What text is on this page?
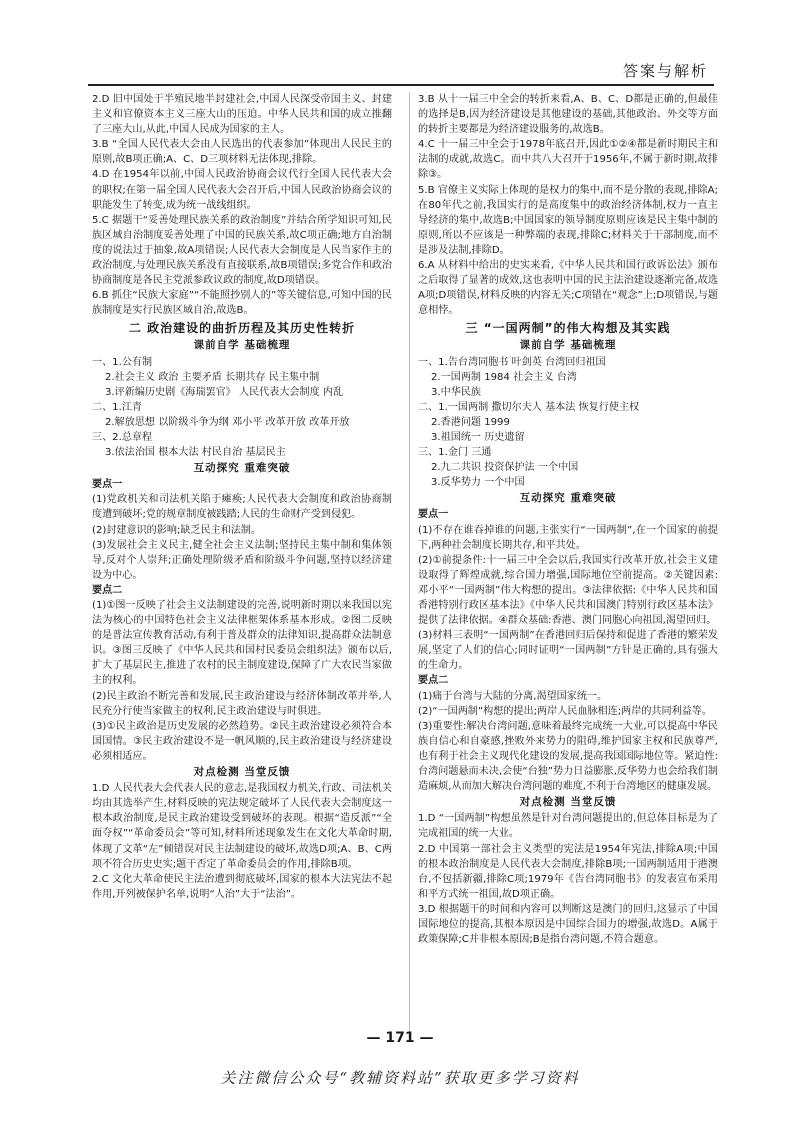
答案与解析

2.D 旧中国处于半殖民地半封建社会,中国人民深受帝国主义、封建主义和官僚资本主义三座大山的压迫。中华人民共和国的成立推翻了三座大山,从此,中国人民成为国家的主人。

3.B “全国人民代表大会由人民选出的代表参加”体现出人民民主的原则,故B项正确;A、C、D三项材料无法体现,排除。

4.D 在1954年以前,中国人民政治协商会议代行全国人民代表大会的职权;在第一届全国人民代表大会召开后,中国人民政治协商会议的职能发生了转变,成为统一战线组织。

5.C 据题干“妥善处理民族关系的政治制度”并结合所学知识可知,民族区域自治制度妥善处理了中国的民族关系,故C项正确;地方自治制度的说法过于抽象,故A项错误;人民代表大会制度是人民当家作主的政治制度,与处理民族关系没有直接联系,故B项错误;多党合作和政治协商制度是各民主党派参政议政的制度,故D项错误。

6.B 抓住“民族大家庭”“不能照抄别人的”等关键信息,可知中国的民族制度是实行民族区域自治,故选B。

二 政治建设的曲折历程及其历史性转折
课前自学 基础梳理

一、1.公有制

2.社会主义 政治 主要矛盾 长期共存 民主集中制

3.评新编历史剧《海瑞罢官》 人民代表大会制度 内乱

二、1.江青

2.解放思想 以阶级斗争为纲 邓小平 改革开放 改革开放

三、2.总章程

3.依法治国 根本大法 村民自治 基层民主

互动探究 重难突破

要点一

(1)党政机关和司法机关陷于瘫痪;人民代表大会制度和政治协商制度遭到破坏;党的规章制度被践踏;人民的生命财产受到侵犯。

(2)封建意识的影响;缺乏民主和法制。

(3)发展社会主义民主,健全社会主义法制;坚持民主集中制和集体领导,反对个人崇拜;正确处理阶级矛盾和阶级斗争问题,坚持以经济建设为中心。

要点二

(1)①图一反映了社会主义法制建设的完善,说明新时期以来我国以宪法为核心的中国特色社会主义法律框架体系基本形成。②图二反映的是普法宣传教育活动,有利于普及群众的法律知识,提高群众法制意识。③图三反映了《中华人民共和国村民委员会组织法》颁布以后,扩大了基层民主,推进了农村的民主制度建设,保障了广大农民当家做主的权利。

(2)民主政治不断完善和发展,民主政治建设与经济体制改革并举,人民充分行使当家做主的权利,民主政治建设与时俱进。

(3)①民主政治是历史发展的必然趋势。②民主政治建设必须符合本国国情。③民主政治建设不是一帆风顺的,民主政治建设与经济建设必须相适应。

对点检测 当堂反馈

1.D 人民代表大会代表人民的意志,是我国权力机关,行政、司法机关均由其选举产生,材料反映的宪法规定破坏了人民代表大会制度这一根本政治制度,是民主政治建设受到破坏的表现。根据“造反派”“全面夺权”“革命委员会”等可知,材料所述现象发生在文化大革命时期,体现了文革“左”倾错误对民主法制建设的破坏,故选D项;A、B、C两项不符合历史史实;题干否定了革命委员会的作用,排除B项。

2.C 文化大革命使民主法治遭到彻底破坏,国家的根本大法宪法不起作用,开列被保护名单,说明“人治”大于“法治”。

3.B 从十一届三中全会的转折来看,A、B、C、D都是正确的,但最佳的选择是B,因为经济建设是其他建设的基础,其他政治、外交等方面的转折主要都是为经济建设服务的,故选B。

4.C 十一届三中全会于1978年底召开,因此①②④都是新时期民主和法制的成就,故选C。而中共八大召开于1956年,不属于新时期,故排除③。

5.B 官僚主义实际上体现的是权力的集中,而不是分散的表现,排除A;在80年代之前,我国实行的是高度集中的政治经济体制,权力一直主导经济的集中,故选B;中国国家的领导制度原则应该是民主集中制的原则,所以不应该是一种弊端的表现,排除C;材料关于干部制度,而不是涉及法制,排除D。

6.A 从材料中给出的史实来看,《中华人民共和国行政诉讼法》颁布之后取得了显著的成效,这也表明中国的民主法治建设逐渐完备,故选A项;D项错误,材料反映的内容无关;C项错在“观念”上;D项错误,与题意相悖。

三 “一国两制”的伟大构想及其实践
课前自学 基础梳理

一、1.告台湾同胞书 叶剑英 台湾回归祖国

2.一国两制 1984 社会主义 台湾

3.中华民族

二、1.一国两制 撒切尔夫人 基本法 恢复行使主权

2.香港问题 1999

3.祖国统一 历史遗留

三、1.金门 三通

2.九二共识 投资保护法 一个中国

3.反华势力 一个中国

互动探究 重难突破

要点一

(1)不存在谁吞掉谁的问题,主张实行“一国两制”,在一个国家的前提下,两种社会制度长期共存,和平共处。

(2)①前提条件:十一届三中全会以后,我国实行改革开放,社会主义建设取得了辉煌成就,综合国力增强,国际地位空前提高。②关键因素:邓小平“一国两制”伟大构想的提出。③法律依据:《中华人民共和国香港特别行政区基本法》《中华人民共和国澳门特别行政区基本法》提供了法律依据。④群众基础:香港、澳门同胞心向祖国,渴望回归。

(3)材料三表明“一国两制”在香港回归后保持和促进了香港的繁荣发展,坚定了人们的信心;同时证明“一国两制”方针是正确的,具有强大的生命力。

要点二

(1)痛于台湾与大陆的分离,渴望国家统一。

(2)“一国两制”构想的提出;两岸人民血脉相连;两岸的共同利益等。

(3)重要性:解决台湾问题,意味着最终完成统一大业,可以提高中华民族自信心和自豪感,挫败外来势力的阻碍,维护国家主权和民族尊严,也有利于社会主义现代化建设的发展,提高我国国际地位等。紧迫性:台湾问题悬而未决,会使“台独”势力日益膨胀,反华势力也会给我们制造麻烦,从而加大解决台湾问题的难度,不利于台湾地区的健康发展。

对点检测 当堂反馈

1.D “一国两制”构想虽然是针对台湾问题提出的,但总体目标是为了完成祖国的统一大业。

2.D 中国第一部社会主义类型的宪法是1954年宪法,排除A项;中国的根本政治制度是人民代表大会制度,排除B项;一国两制适用于港澳台,不包括新疆,排除C项;1979年《告台湾同胞书》的发表宣布采用和平方式统一祖国,故D项正确。

3.D 根据题干的时间和内容可以判断这是澳门的回归,这显示了中国国际地位的提高,其根本原因是中国综合国力的增强,故选D。A属于政策保障;C并非根本原因;B是指台湾问题,不符合题意。

— 171 —
关注微信公众号“教辅资料站”获取更多学习资料
